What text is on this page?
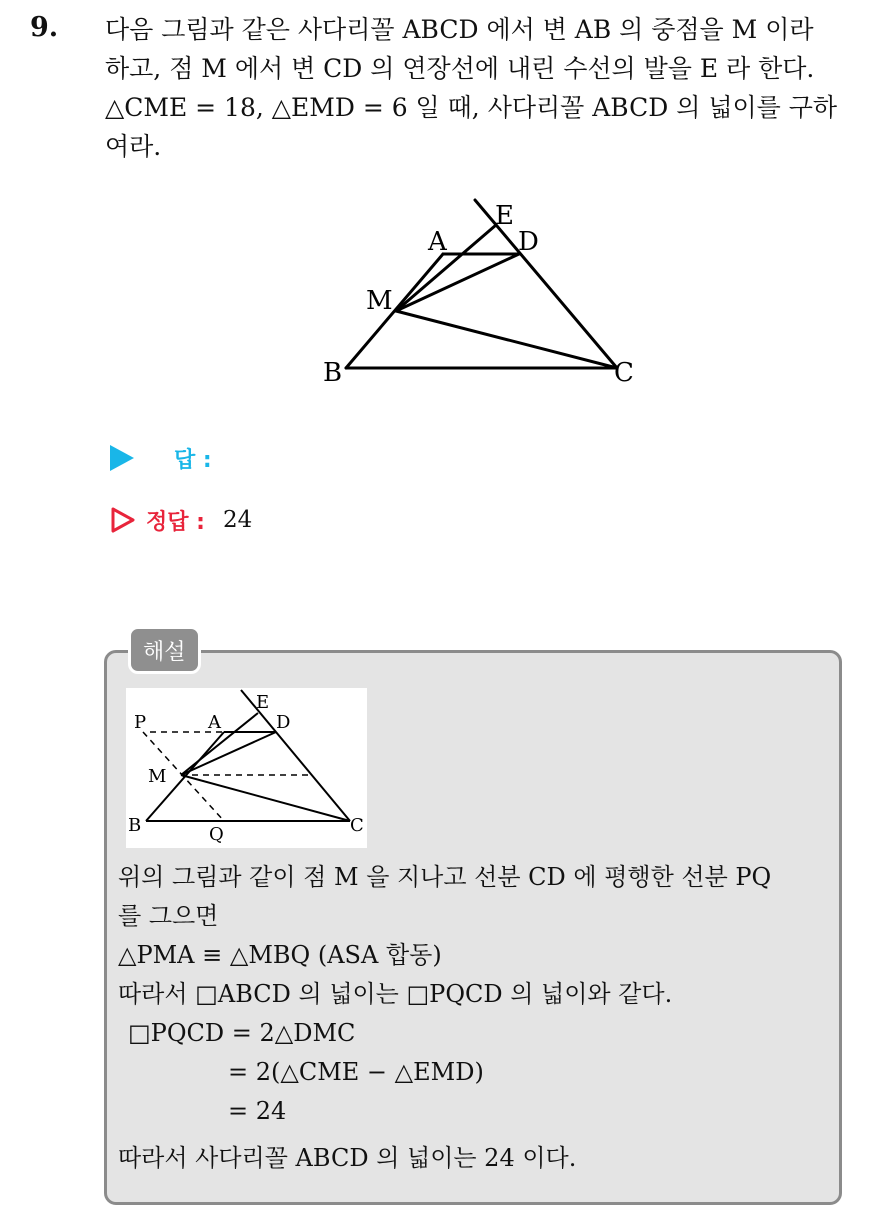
9. 다음 그림과 같은 사다리꼴 ABCD 에서 변 AB 의 중점을 M 이라
하고, 점 M 에서 변 CD 의 연장선에 내린 수선의 발을 E 라 한다.
△CME = 18, △EMD = 6 일 때, 사다리꼴 ABCD 의 넓이를 구하
여라.
E
A	D
M
B	C
답 :
정답 : 24
해설
P	A
E
D
M
B	Q	C
위의 그림과 같이 점 M 을 지나고 선분 CD 에 평행한 선분 PQ
를 그으면
△PMA ≡ △MBQ (ASA 합동)
따라서 □ABCD 의 넓이는 □PQCD 의 넓이와 같다.
□PQCD = 2△DMC
= 2(△CME − △EMD)
= 24
따라서 사다리꼴 ABCD 의 넓이는 24 이다.
